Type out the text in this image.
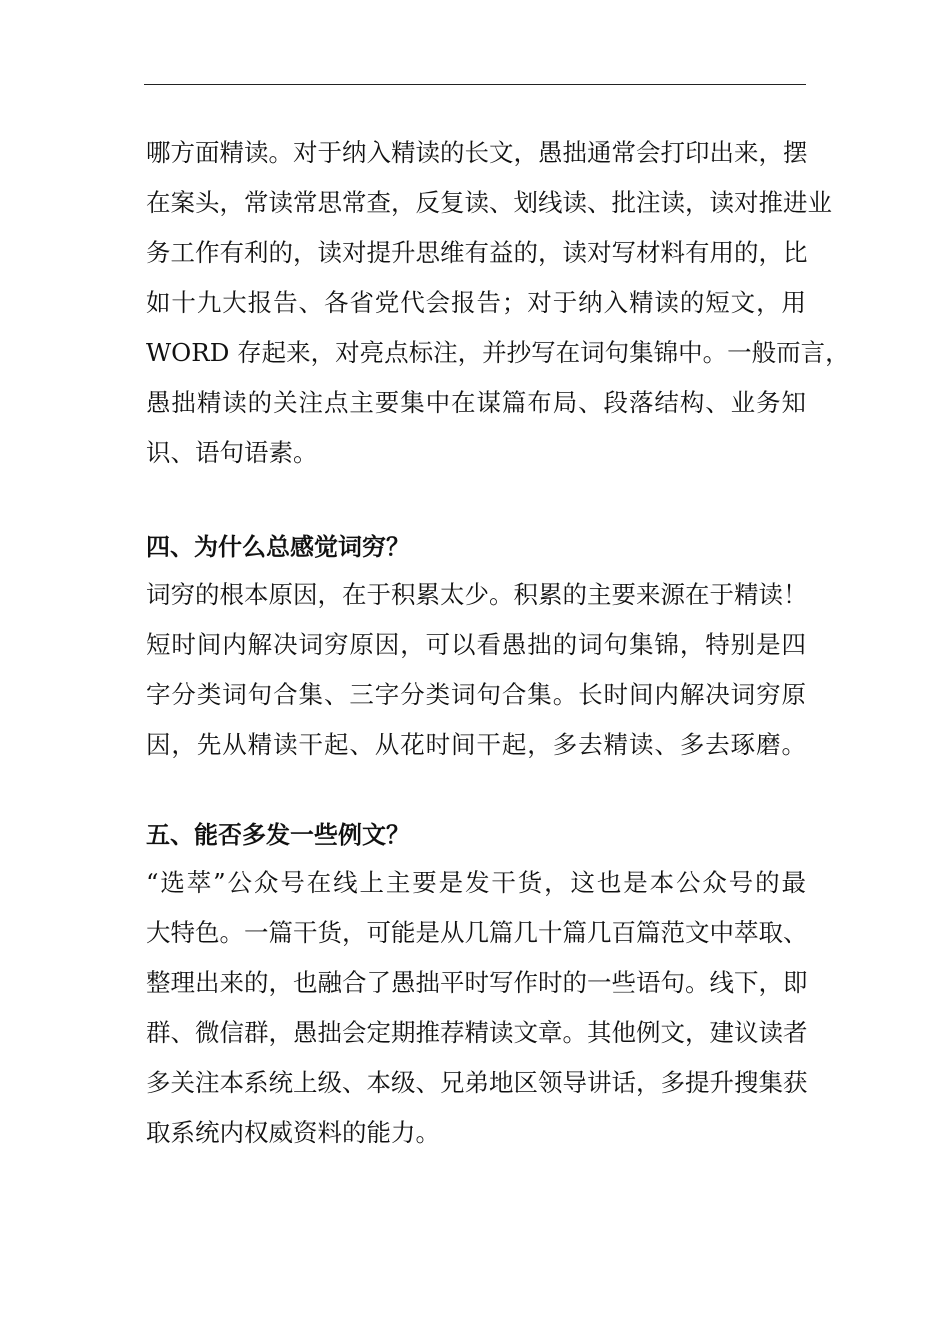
哪方面精读。对于纳入精读的长文，愚拙通常会打印出来，摆
在案头，常读常思常查，反复读、划线读、批注读，读对推进业
务工作有利的，读对提升思维有益的，读对写材料有用的，比
如十九大报告、各省党代会报告；对于纳入精读的短文，用
WORD 存起来，对亮点标注，并抄写在词句集锦中。一般而言，
愚拙精读的关注点主要集中在谋篇布局、段落结构、业务知
识、语句语素。
四、为什么总感觉词穷？
词穷的根本原因，在于积累太少。积累的主要来源在于精读！
短时间内解决词穷原因，可以看愚拙的词句集锦，特别是四
字分类词句合集、三字分类词句合集。长时间内解决词穷原
因，先从精读干起、从花时间干起，多去精读、多去琢磨。
五、能否多发一些例文？
“选萃”公众号在线上主要是发干货，这也是本公众号的最
大特色。一篇干货，可能是从几篇几十篇几百篇范文中萃取、
整理出来的，也融合了愚拙平时写作时的一些语句。线下，即
群、微信群，愚拙会定期推荐精读文章。其他例文，建议读者
多关注本系统上级、本级、兄弟地区领导讲话，多提升搜集获
取系统内权威资料的能力。
